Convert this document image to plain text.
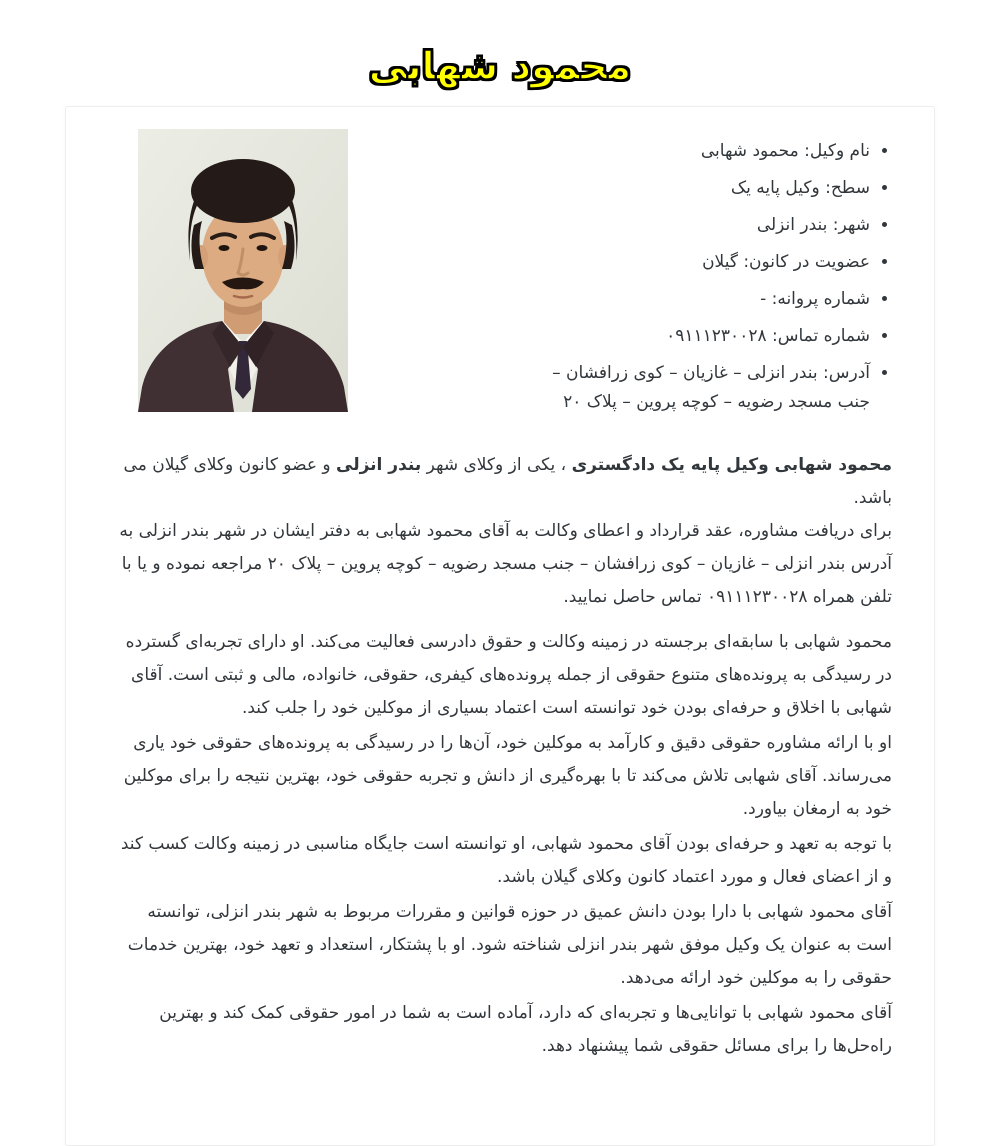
محمود شهابی
• نام وکیل: محمود شهابی
• سطح: وکیل پایه یک
• شهر: بندر انزلی
• عضویت در کانون: گیلان
• شماره پروانه: -
• شماره تماس: ۰۹۱۱۱۲۳۰۰۲۸
• آدرس: بندر انزلی – غازیان – کوی زرافشان – جنب مسجد رضویه – کوچه پروین – پلاک ۲۰

محمود شهابی وکیل پایه یک دادگستری ، یکی از وکلای شهر بندر انزلی و عضو کانون وکلای گیلان می باشد.
برای دریافت مشاوره، عقد قرارداد و اعطای وکالت به آقای محمود شهابی به دفتر ایشان در شهر بندر انزلی به آدرس بندر انزلی – غازیان – کوی زرافشان – جنب مسجد رضویه – کوچه پروین – پلاک ۲۰ مراجعه نموده و یا با تلفن همراه ۰۹۱۱۱۲۳۰۰۲۸ تماس حاصل نمایید.

محمود شهابی با سابقه‌ای برجسته در زمینه وکالت و حقوق دادرسی فعالیت می‌کند. او دارای تجربه‌ای گسترده در رسیدگی به پرونده‌های متنوع حقوقی از جمله پرونده‌های کیفری، حقوقی، خانواده، مالی و ثبتی است. آقای شهابی با اخلاق و حرفه‌ای بودن خود توانسته است اعتماد بسیاری از موکلین خود را جلب کند.

او با ارائه مشاوره حقوقی دقیق و کارآمد به موکلین خود، آن‌ها را در رسیدگی به پرونده‌های حقوقی خود یاری می‌رساند. آقای شهابی تلاش می‌کند تا با بهره‌گیری از دانش و تجربه حقوقی خود، بهترین نتیجه را برای موکلین خود به ارمغان بیاورد.

با توجه به تعهد و حرفه‌ای بودن آقای محمود شهابی، او توانسته است جایگاه مناسبی در زمینه وکالت کسب کند و از اعضای فعال و مورد اعتماد کانون وکلای گیلان باشد.

آقای محمود شهابی با دارا بودن دانش عمیق در حوزه قوانین و مقررات مربوط به شهر بندر انزلی، توانسته است به عنوان یک وکیل موفق شهر بندر انزلی شناخته شود. او با پشتکار، استعداد و تعهد خود، بهترین خدمات حقوقی را به موکلین خود ارائه می‌دهد.

آقای محمود شهابی با توانایی‌ها و تجربه‌ای که دارد، آماده است به شما در امور حقوقی کمک کند و بهترین راه‌حل‌ها را برای مسائل حقوقی شما پیشنهاد دهد.
